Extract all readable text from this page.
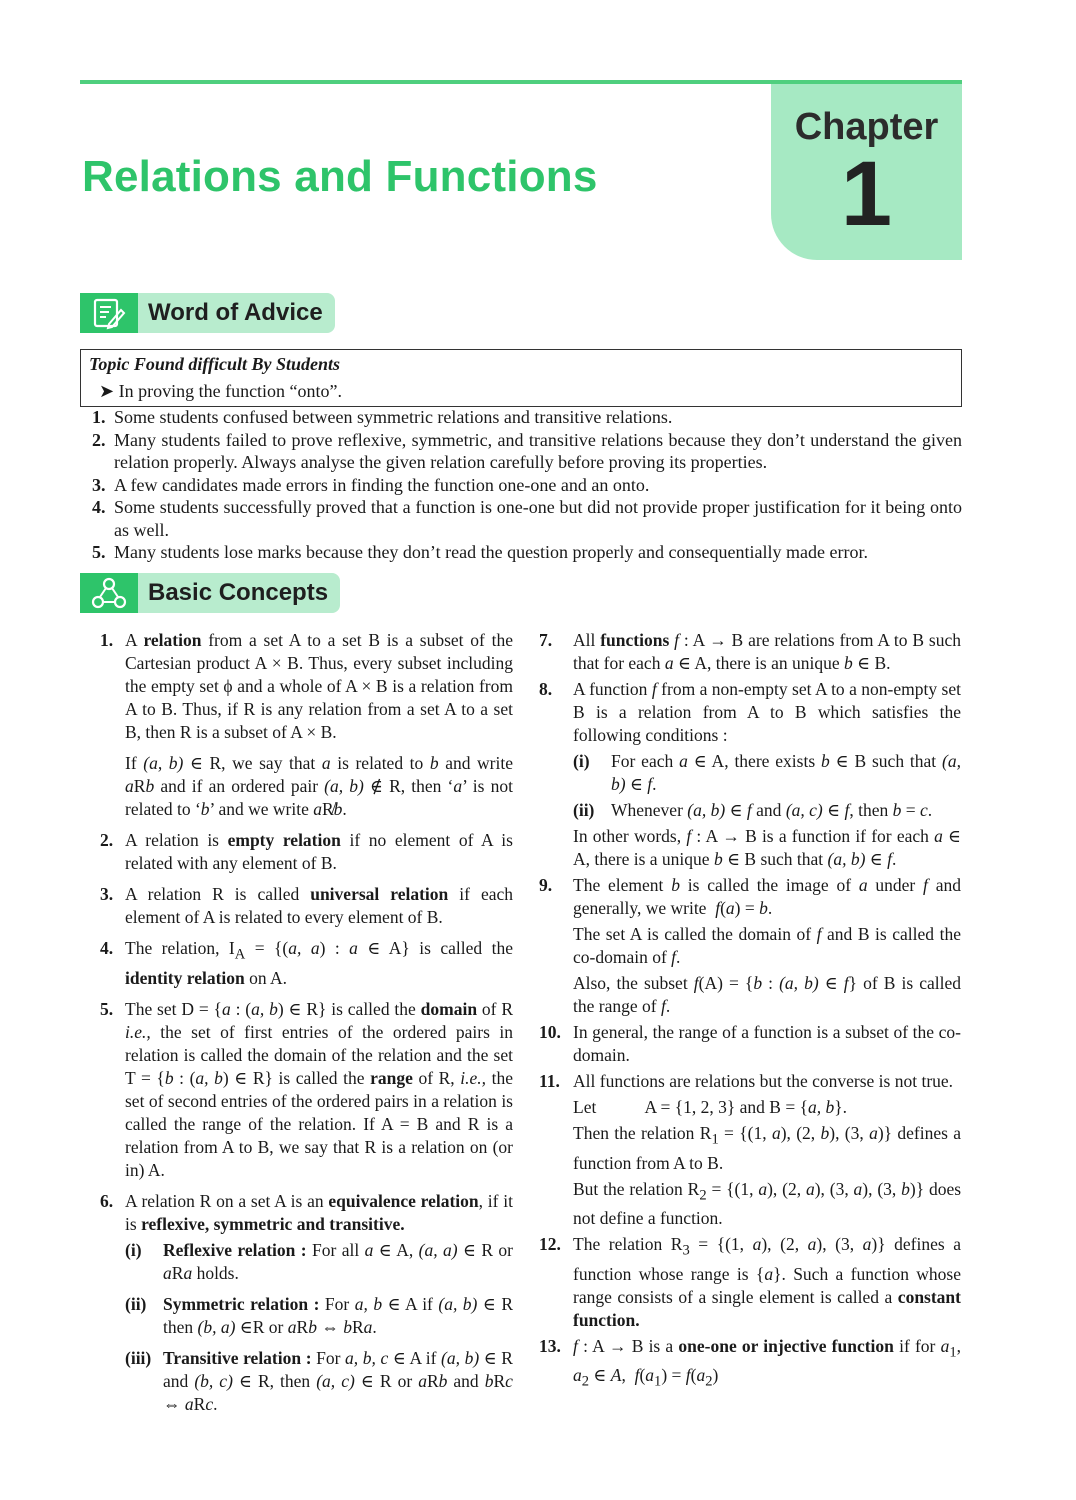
Chapter
1
Relations and Functions
Word of Advice
Topic Found difficult By Students
➤ In proving the function “onto”.
1. Some students confused between symmetric relations and transitive relations.
2. Many students failed to prove reflexive, symmetric, and transitive relations because they don’t understand the given relation properly. Always analyse the given relation carefully before proving its properties.
3. A few candidates made errors in finding the function one-one and an onto.
4. Some students successfully proved that a function is one-one but did not provide proper justification for it being onto as well.
5. Many students lose marks because they don’t read the question properly and consequentially made error.
Basic Concepts
1. A relation from a set A to a set B is a subset of the Cartesian product A × B. Thus, every subset including the empty set ϕ and a whole of A × B is a relation from A to B. Thus, if R is any relation from a set A to a set B, then R is a subset of A × B.

If (a, b) ∈ R, we say that a is related to b and write aRb and if an ordered pair (a, b) ∉ R, then ‘a’ is not related to ‘b’ and we write aR̸b.

2. A relation is empty relation if no element of A is related with any element of B.
3. A relation R is called universal relation if each element of A is related to every element of B.
4. The relation, $I_A = \{(a$, a) : a ∈ A} is called the identity relation on A.
5. The set D = {a : (a, b) ∈ R} is called the domain of R i.e., the set of first entries of the ordered pairs in relation is called the domain of the relation and the set T = {b : (a, b) ∈ R} is called the range of R, i.e., the set of second entries of the ordered pairs in a relation is called the range of the relation. If A = B and R is a relation from A to B, we say that R is a relation on (or in) A.
6. A relation R on a set A is an equivalence relation, if it is reflexive, symmetric and transitive.
(i)	Reflexive relation : For all a ∈ A, (a, a) ∈ R or aRa holds.
(ii) Symmetric relation : For a, b ∈ A if (a, b) ∈ R then (b, a) ∈R or aRb ⇔ bRa.
(iii) Transitive relation : For a, b, c ∈ A if (a, b) ∈ R and (b, c) ∈ R, then (a, c) ∈ R or aRb and bRc ⇔ aRc.
7.	All functions f : A → B are relations from A to B such that for each a ∈ A, there is an unique b ∈ B.
8.	A function f from a non-empty set A to a non-empty set B is a relation from A to B which satisfies the following conditions :
(i)	For each a ∈ A, there exists b ∈ B such that (a, b) ∈ f.
(ii) Whenever (a, b) ∈ f and (a, c) ∈ f, then b = c.

In other words, f : A → B is a function if for each a ∈ A, there is a unique b ∈ B such that (a, b) ∈ f.

9.	The element b is called the image of a under f and generally, we write  f(a) = b.

The set A is called the domain of f and B is called the co-domain of f.

Also, the subset f(A) = {b : (a, b) ∈ f} of B is called the range of f.

10. In general, the range of a function is a subset of the co-domain.
11. All functions are relations but the converse is not true.

Let           A = {1, 2, 3} and B = {a, b}.

Then the relation $R_1 = \{(1$, a), (2, b), (3, a)} defines a function from A to B.

But the relation $R_2 = \{(1$, a), (2, a), (3, a), (3, b)} does not define a function.

12. The relation $R_3 = \{(1$, a), (2, a), (3, a)} defines a function whose range is {a}. Such a function whose range consists of a single element is called a constant function.
13. f : A → B is a one-one or injective function if for $a_1$, $a_2$ ∈ A,  $f(a_1) = f(a_2)$
